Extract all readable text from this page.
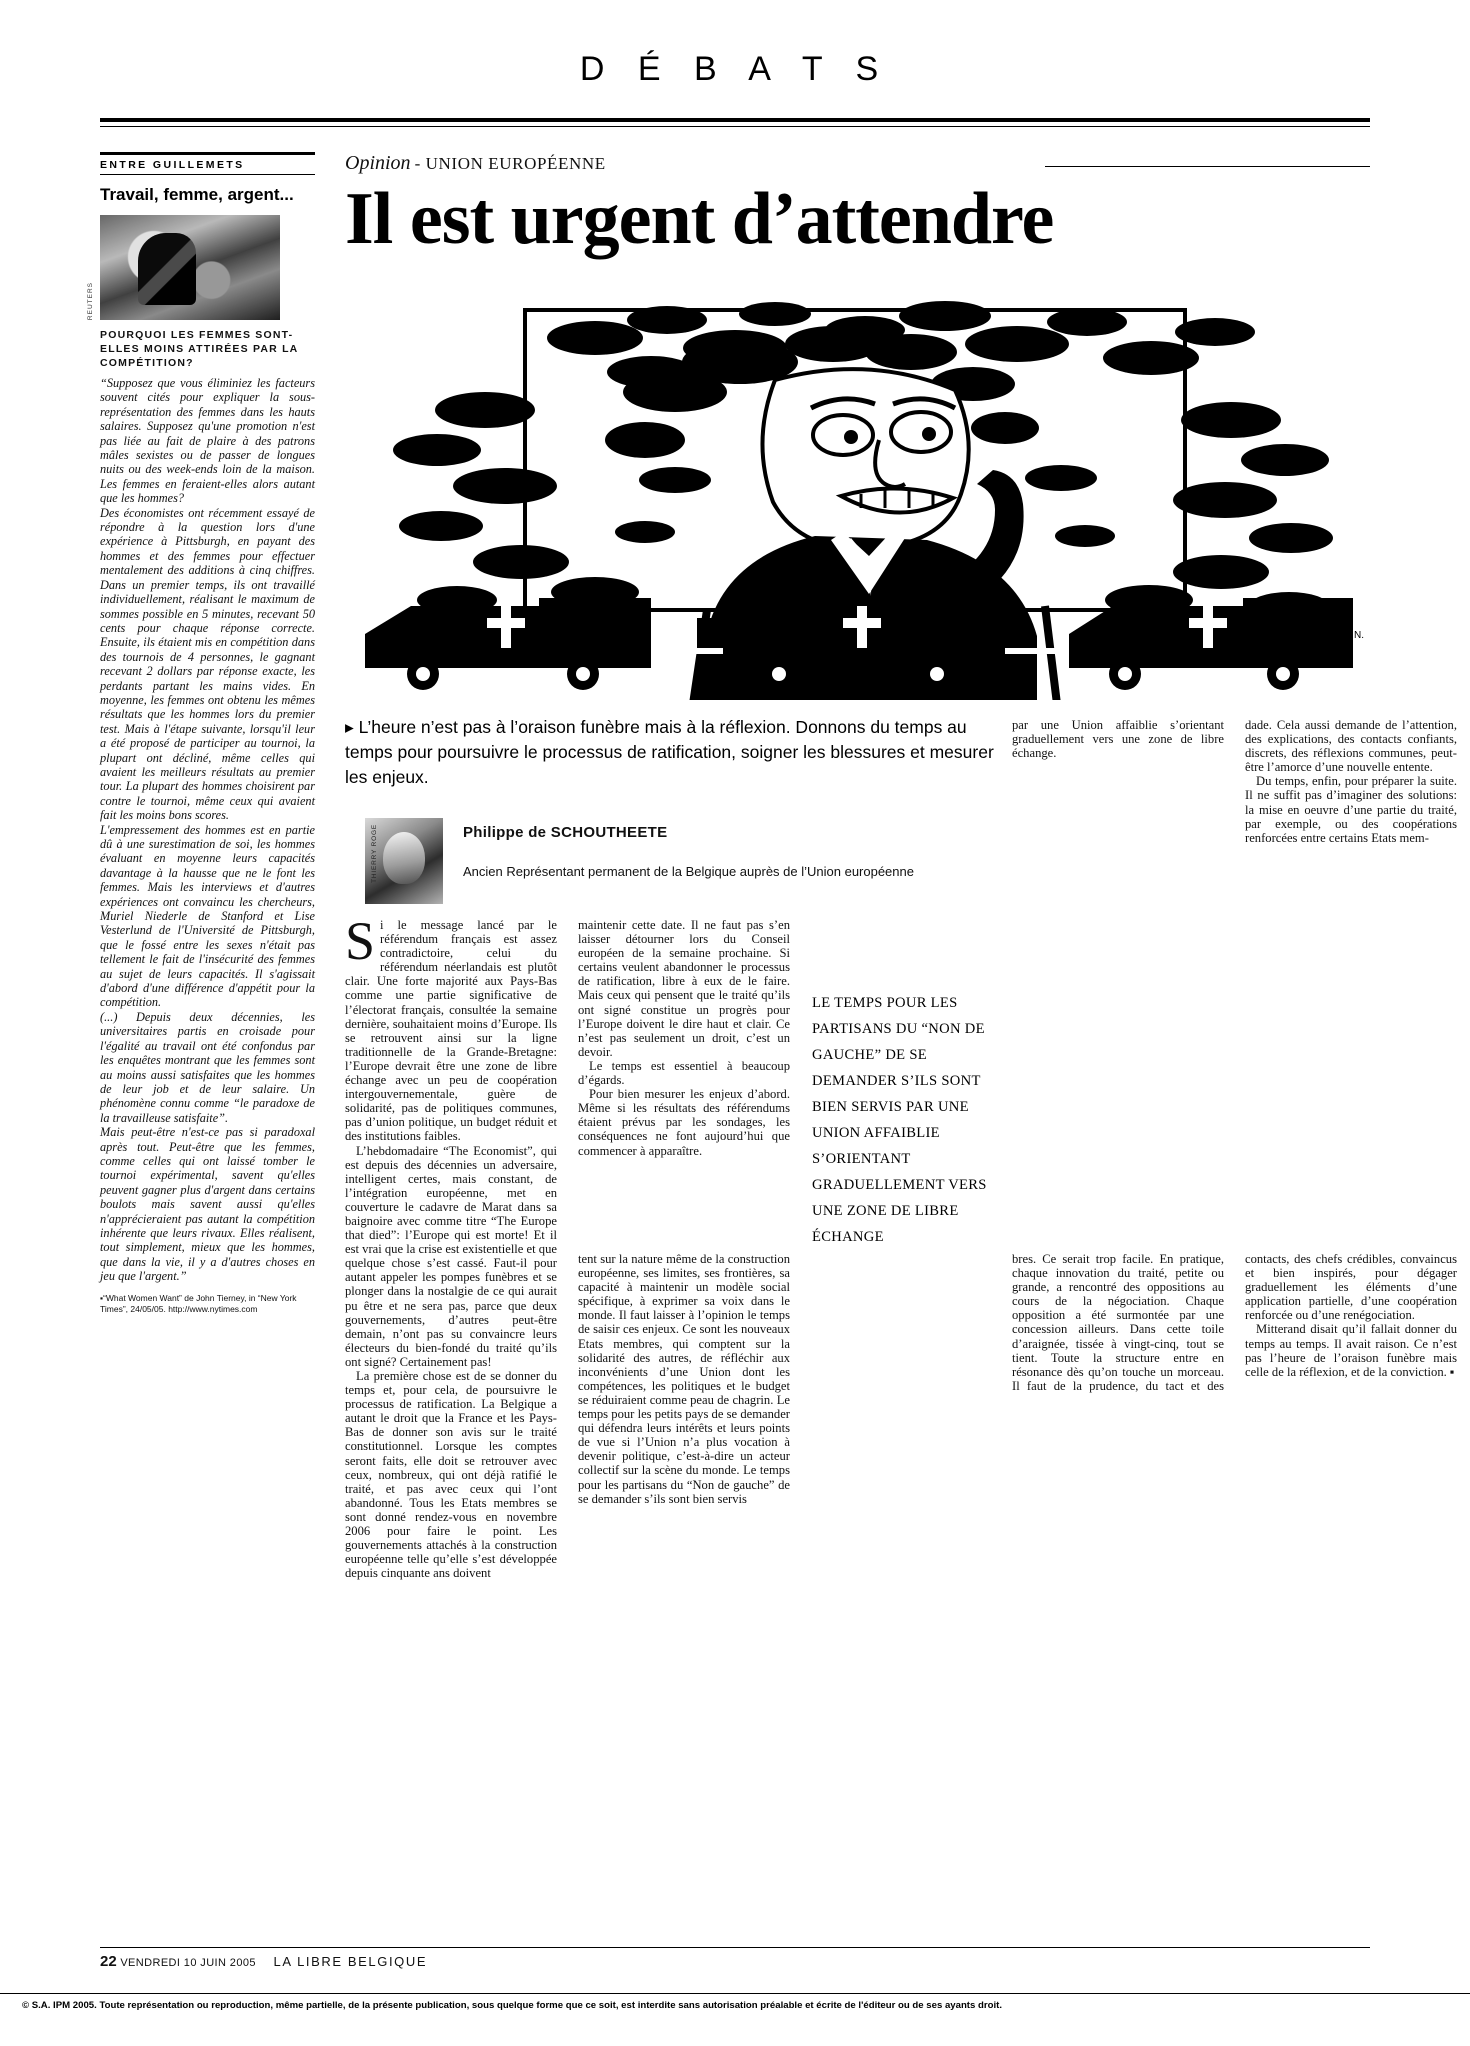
D É B A T S
ENTRE GUILLEMETS
Travail, femme, argent...
REUTERS
POURQUOI LES FEMMES SONT-ELLES MOINS ATTIRÉES PAR LA COMPÉTITION?

“Supposez que vous éliminiez les facteurs souvent cités pour expliquer la sous-représentation des femmes dans les hauts salaires. Supposez qu'une promotion n'est pas liée au fait de plaire à des patrons mâles sexistes ou de passer de longues nuits ou des week-ends loin de la maison. Les femmes en feraient-elles alors autant que les hommes?

Des économistes ont récemment essayé de répondre à la question lors d'une expérience à Pittsburgh, en payant des hommes et des femmes pour effectuer mentalement des additions à cinq chiffres. Dans un premier temps, ils ont travaillé individuellement, réalisant le maximum de sommes possible en 5 minutes, recevant 50 cents pour chaque réponse correcte. Ensuite, ils étaient mis en compétition dans des tournois de 4 personnes, le gagnant recevant 2 dollars par réponse exacte, les perdants partant les mains vides. En moyenne, les femmes ont obtenu les mêmes résultats que les hommes lors du premier test. Mais à l'étape suivante, lorsqu'il leur a été proposé de participer au tournoi, la plupart ont décliné, même celles qui avaient les meilleurs résultats au premier tour. La plupart des hommes choisirent par contre le tournoi, même ceux qui avaient fait les moins bons scores.

L'empressement des hommes est en partie dû à une surestimation de soi, les hommes évaluant en moyenne leurs capacités davantage à la hausse que ne le font les femmes. Mais les interviews et d'autres expériences ont convaincu les chercheurs, Muriel Niederle de Stanford et Lise Vesterlund de l'Université de Pittsburgh, que le fossé entre les sexes n'était pas tellement le fait de l'insécurité des femmes au sujet de leurs capacités. Il s'agissait d'abord d'une différence d'appétit pour la compétition.

(...) Depuis deux décennies, les universitaires partis en croisade pour l'égalité au travail ont été confondus par les enquêtes montrant que les femmes sont au moins aussi satisfaites que les hommes de leur job et de leur salaire. Un phénomène connu comme “le paradoxe de la travailleuse satisfaite”.

Mais peut-être n'est-ce pas si paradoxal après tout. Peut-être que les femmes, comme celles qui ont laissé tomber le tournoi expérimental, savent qu'elles peuvent gagner plus d'argent dans certains boulots mais savent aussi qu'elles n'apprécieraient pas autant la compétition inhérente que leurs rivaux. Elles réalisent, tout simplement, mieux que les hommes, que dans la vie, il y a d'autres choses en jeu que l'argent.”

▪“What Women Want” de John Tierney, in “New York Times”, 24/05/05. http://www.nytimes.com
Opinion - UNION EUROPÉENNE
Il est urgent d’attendre
▪ Illu Léon N.
▸ L’heure n’est pas à l’oraison funèbre mais à la réflexion. Donnons du temps au temps pour poursuivre le processus de ratification, soigner les blessures et mesurer les enjeux.
THIERRY ROGE	Philippe de SCHOUTHEETE
Ancien Représentant permanent de la Belgique auprès de l’Union européenne

Si le message lancé par le référendum français est assez contradictoire, celui du référendum néerlandais est plutôt clair. Une forte majorité aux Pays-Bas comme une partie significative de l’électorat français, consultée la semaine dernière, souhaitaient moins d’Europe. Ils se retrouvent ainsi sur la ligne traditionnelle de la Grande-Bretagne: l’Europe devrait être une zone de libre échange avec un peu de coopération intergouvernementale, guère de solidarité, pas de politiques communes, pas d’union politique, un budget réduit et des institutions faibles.

L’hebdomadaire “The Economist”, qui est depuis des décennies un adversaire, intelligent certes, mais constant, de l’intégration européenne, met en couverture le cadavre de Marat dans sa baignoire avec comme titre “The Europe that died”: l’Europe qui est morte! Et il est vrai que la crise est existentielle et que quelque chose s’est cassé. Faut-il pour autant appeler les pompes funèbres et se plonger dans la nostalgie de ce qui aurait pu être et ne sera pas, parce que deux gouvernements, d’autres peut-être demain, n’ont pas su convaincre leurs électeurs du bien-fondé du traité qu’ils ont signé? Certainement pas!

La première chose est de se donner du temps et, pour cela, de poursuivre le processus de ratification. La Belgique a autant le droit que la France et les Pays-Bas de donner son avis sur le traité constitutionnel. Lorsque les comptes seront faits, elle doit se retrouver avec ceux, nombreux, qui ont déjà ratifié le traité, et pas avec ceux qui l’ont abandonné. Tous les Etats membres se sont donné rendez-vous en novembre 2006 pour faire le point. Les gouvernements attachés à la construction européenne telle qu’elle s’est développée depuis cinquante ans doivent

maintenir cette date. Il ne faut pas s’en laisser détourner lors du Conseil européen de la semaine prochaine. Si certains veulent abandonner le processus de ratification, libre à eux de le faire. Mais ceux qui pensent que le traité qu’ils ont signé constitue un progrès pour l’Europe doivent le dire haut et clair. Ce n’est pas seulement un droit, c’est un devoir.

Le temps est essentiel à beaucoup d’égards.

Pour bien mesurer les enjeux d’abord. Même si les résultats des référendums étaient prévus par les sondages, les conséquences ne font aujourd’hui que commencer à apparaître.

tent sur la nature même de la construction européenne, ses limites, ses frontières, sa capacité à maintenir un modèle social spécifique, à exprimer sa voix dans le monde. Il faut laisser à l’opinion le temps de saisir ces enjeux. Ce sont les nouveaux Etats membres, qui comptent sur la solidarité des autres, de réfléchir aux inconvénients d’une Union dont les compétences, les politiques et le budget se réduiraient comme peau de chagrin. Le temps pour les petits pays de se demander qui défendra leurs intérêts et leurs points de vue si l’Union n’a plus vocation à devenir politique, c’est-à-dire un acteur collectif sur la scène du monde. Le temps pour les partisans du “Non de gauche” de se demander s’ils sont bien servis

par une Union affaiblie s’orientant graduellement vers une zone de libre échange.

dade. Cela aussi demande de l’attention, des explications, des contacts confiants, discrets, des réflexions communes, peut-être l’amorce d’une nouvelle entente.

Du temps, enfin, pour préparer la suite. Il ne suffit pas d’imaginer des solutions: la mise en oeuvre d’une partie du traité, par exemple, ou des coopérations renforcées entre certains Etats mem-

bres. Ce serait trop facile. En pratique, chaque innovation du traité, petite ou grande, a rencontré des oppositions au cours de la négociation. Chaque opposition a été surmontée par une concession ailleurs. Dans cette toile d’araignée, tissée à vingt-cinq, tout se tient. Toute la structure entre en résonance dès qu’on touche un morceau. Il faut de la prudence, du tact et des contacts, des chefs crédibles, convaincus et bien inspirés, pour dégager graduellement les éléments d’une application partielle, d’une coopération renforcée ou d’une renégociation.

Mitterand disait qu’il fallait donner du temps au temps. Il avait raison. Ce n’est pas l’heure de l’oraison funèbre mais celle de la réflexion, et de la conviction. ▪

LE TEMPS POUR LES PARTISANS DU “NON DE GAUCHE” DE SE DEMANDER S’ILS SONT BIEN SERVIS PAR UNE UNION AFFAIBLIE S’ORIENTANT GRADUELLEMENT VERS UNE ZONE DE LIBRE ÉCHANGE
22 VENDREDI 10 JUIN 2005 LA LIBRE BELGIQUE
© S.A. IPM 2005. Toute représentation ou reproduction, même partielle, de la présente publication, sous quelque forme que ce soit, est interdite sans autorisation préalable et écrite de l'éditeur ou de ses ayants droit.
